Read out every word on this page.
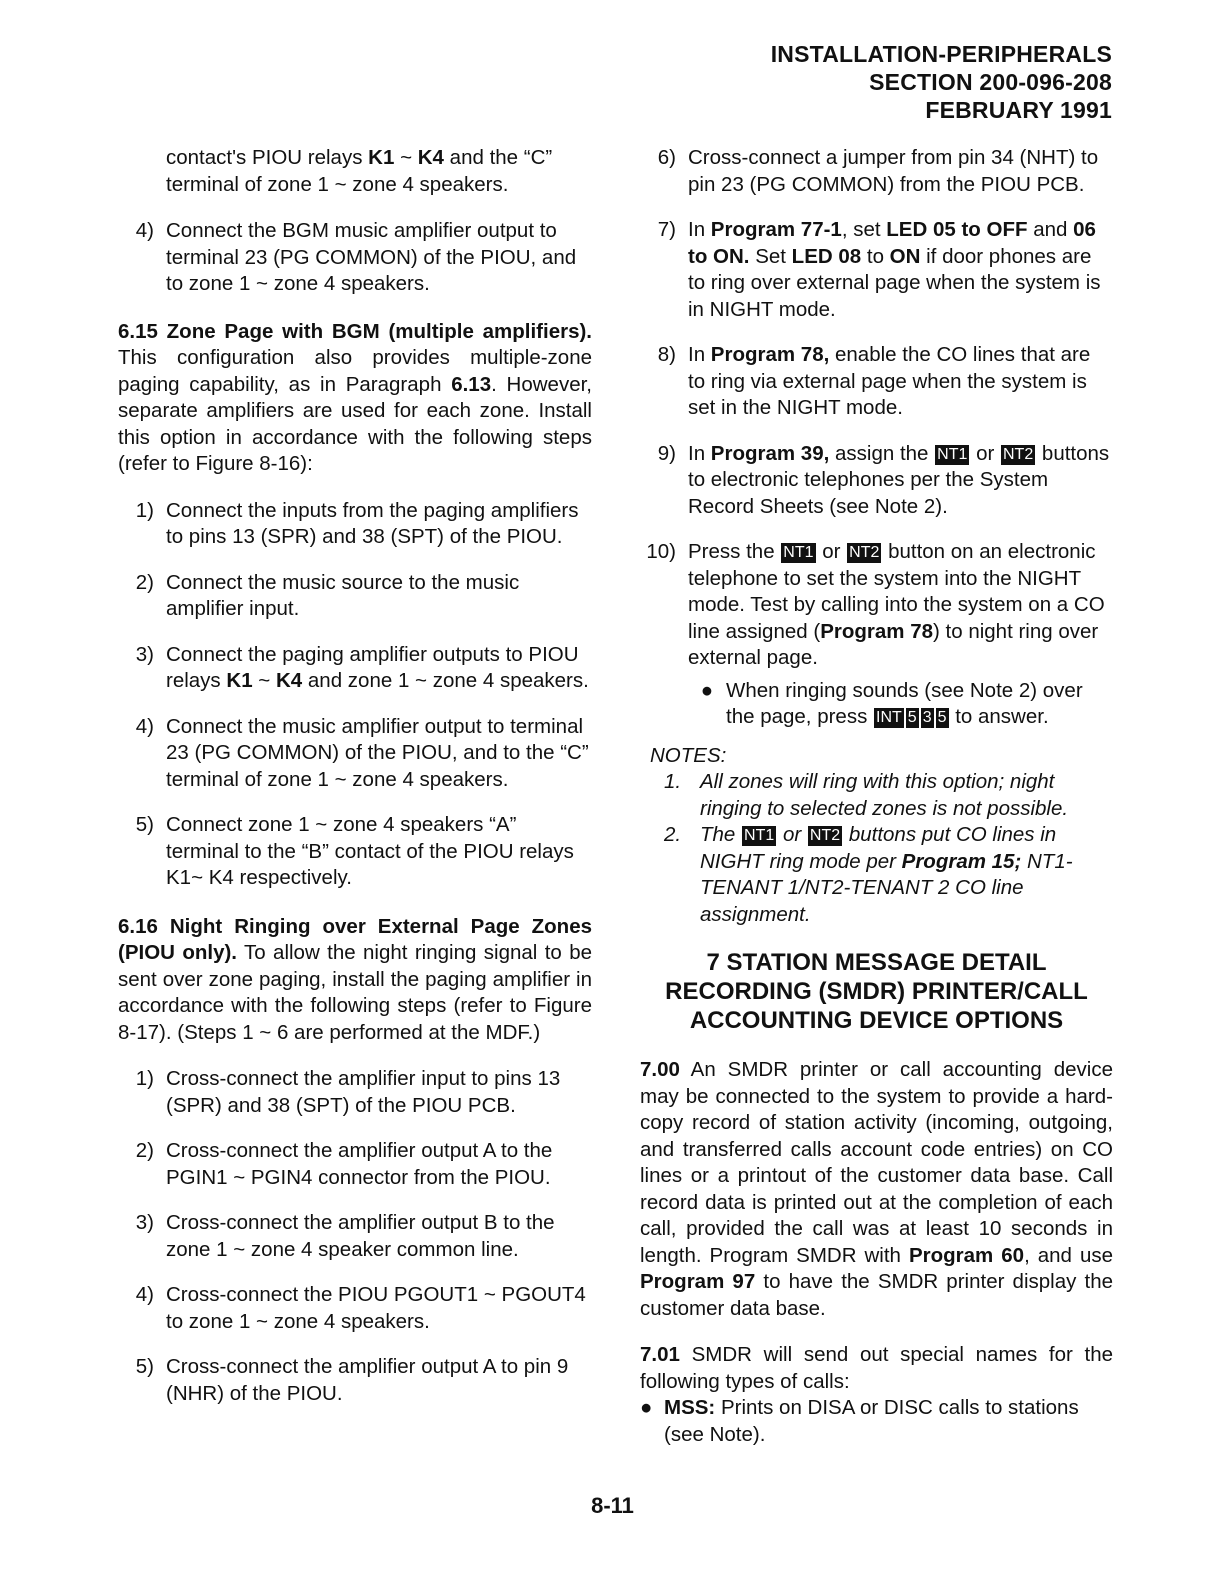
INSTALLATION-PERIPHERALS
SECTION 200-096-208
FEBRUARY 1991

contact's PIOU relays K1 ~ K4 and the “C” terminal of zone 1 ~ zone 4 speakers.

4) Connect the BGM music amplifier output to terminal 23 (PG COMMON) of the PIOU, and to zone 1 ~ zone 4 speakers.

6.15 Zone Page with BGM (multiple amplifiers). This configuration also provides multiple-zone paging capability, as in Paragraph 6.13. However, separate amplifiers are used for each zone. Install this option in accordance with the following steps (refer to Figure 8-16):

1) Connect the inputs from the paging amplifiers to pins 13 (SPR) and 38 (SPT) of the PIOU.
2) Connect the music source to the music amplifier input.
3) Connect the paging amplifier outputs to PIOU relays K1 ~ K4 and zone 1 ~ zone 4 speakers.
4) Connect the music amplifier output to terminal 23 (PG COMMON) of the PIOU, and to the “C” terminal of zone 1 ~ zone 4 speakers.
5) Connect zone 1 ~ zone 4 speakers “A” terminal to the “B” contact of the PIOU relays K1~ K4 respectively.

6.16 Night Ringing over External Page Zones (PIOU only). To allow the night ringing signal to be sent over zone paging, install the paging amplifier in accordance with the following steps (refer to Figure 8-17). (Steps 1 ~ 6 are performed at the MDF.)

1) Cross-connect the amplifier input to pins 13 (SPR) and 38 (SPT) of the PIOU PCB.
2) Cross-connect the amplifier output A to the PGIN1 ~ PGIN4 connector from the PIOU.
3) Cross-connect the amplifier output B to the zone 1 ~ zone 4 speaker common line.
4) Cross-connect the PIOU PGOUT1 ~ PGOUT4 to zone 1 ~ zone 4 speakers.
5) Cross-connect the amplifier output A to pin 9 (NHR) of the PIOU.
6) Cross-connect a jumper from pin 34 (NHT) to pin 23 (PG COMMON) from the PIOU PCB.
7) In Program 77-1, set LED 05 to OFF and 06 to ON. Set LED 08 to ON if door phones are to ring over external page when the system is in NIGHT mode.
8) In Program 78, enable the CO lines that are to ring via external page when the system is set in the NIGHT mode.
9) In Program 39, assign the NT1 or NT2 buttons to electronic telephones per the System Record Sheets (see Note 2).
10) Press the NT1 or NT2 button on an electronic telephone to set the system into the NIGHT mode. Test by calling into the system on a CO line assigned (Program 78) to night ring over external page.
● When ringing sounds (see Note 2) over the page, press INT 5 3 5 to answer.
NOTES:
1. All zones will ring with this option; night ringing to selected zones is not possible.
2. The NT1 or NT2 buttons put CO lines in NIGHT ring mode per Program 15; NT1-TENANT 1/NT2-TENANT 2 CO line assignment.
7 STATION MESSAGE DETAIL
RECORDING (SMDR) PRINTER/CALL
ACCOUNTING DEVICE OPTIONS

7.00 An SMDR printer or call accounting device may be connected to the system to provide a hard-copy record of station activity (incoming, outgoing, and transferred calls account code entries) on CO lines or a printout of the customer data base. Call record data is printed out at the completion of each call, provided the call was at least 10 seconds in length. Program SMDR with Program 60, and use Program 97 to have the SMDR printer display the customer data base.

7.01 SMDR will send out special names for the following types of calls:

● MSS: Prints on DISA or DISC calls to stations (see Note).
8-11
